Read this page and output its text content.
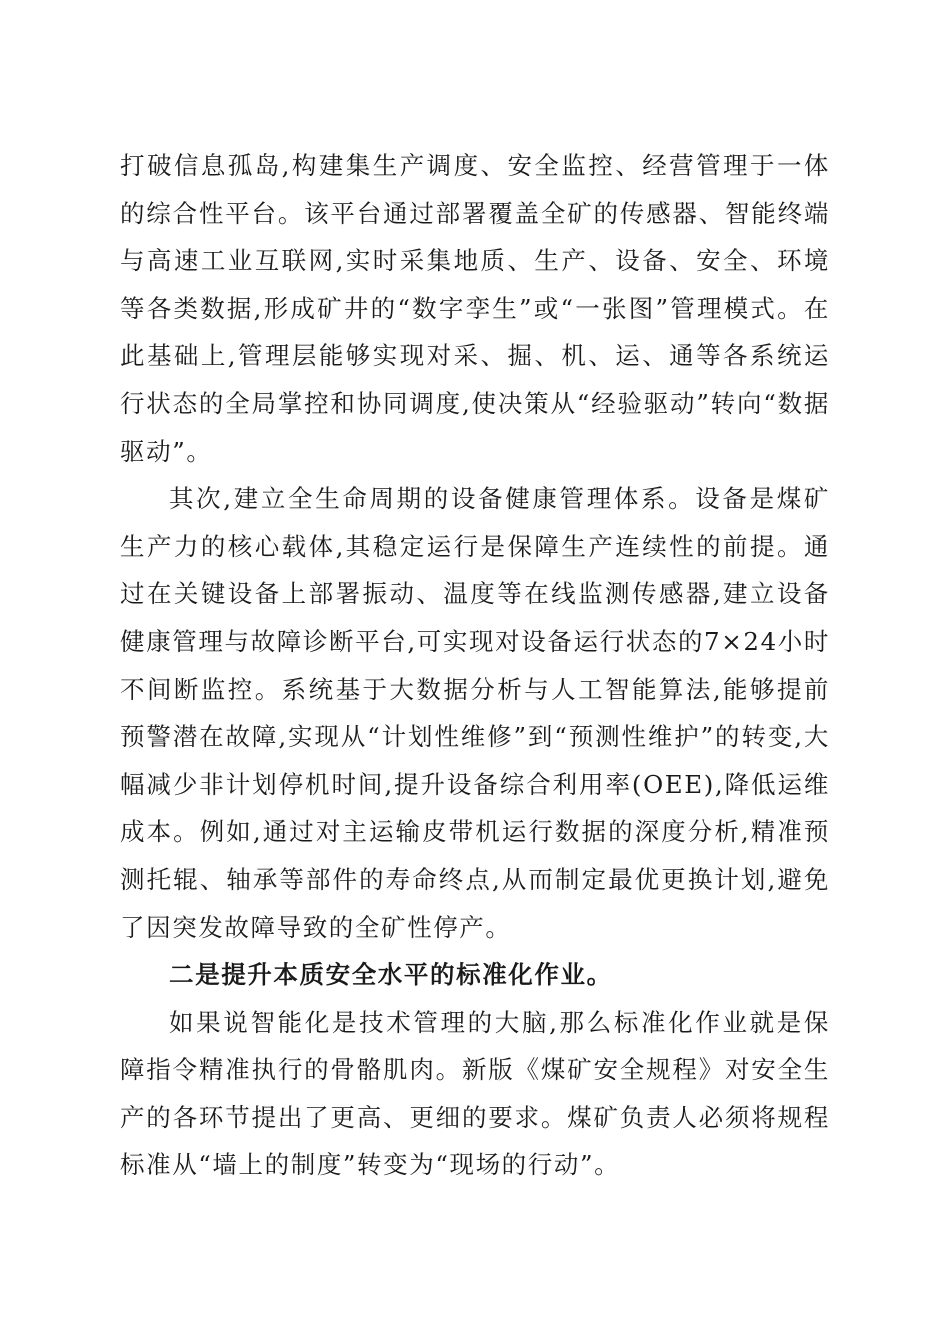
打破信息孤岛,构建集生产调度、安全监控、经营管理于一体的综合性平台。该平台通过部署覆盖全矿的传感器、智能终端与高速工业互联网,实时采集地质、生产、设备、安全、环境等各类数据,形成矿井的“数字孪生”或“一张图”管理模式。在此基础上,管理层能够实现对采、掘、机、运、通等各系统运行状态的全局掌控和协同调度,使决策从“经验驱动”转向“数据驱动”。

其次,建立全生命周期的设备健康管理体系。设备是煤矿生产力的核心载体,其稳定运行是保障生产连续性的前提。通过在关键设备上部署振动、温度等在线监测传感器,建立设备健康管理与故障诊断平台,可实现对设备运行状态的7×24小时不间断监控。系统基于大数据分析与人工智能算法,能够提前预警潜在故障,实现从“计划性维修”到“预测性维护”的转变,大幅减少非计划停机时间,提升设备综合利用率(OEE),降低运维成本。例如,通过对主运输皮带机运行数据的深度分析,精准预测托辊、轴承等部件的寿命终点,从而制定最优更换计划,避免了因突发故障导致的全矿性停产。

二是提升本质安全水平的标准化作业。

如果说智能化是技术管理的大脑,那么标准化作业就是保障指令精准执行的骨骼肌肉。新版《煤矿安全规程》对安全生产的各环节提出了更高、更细的要求。煤矿负责人必须将规程标准从“墙上的制度”转变为“现场的行动”。
